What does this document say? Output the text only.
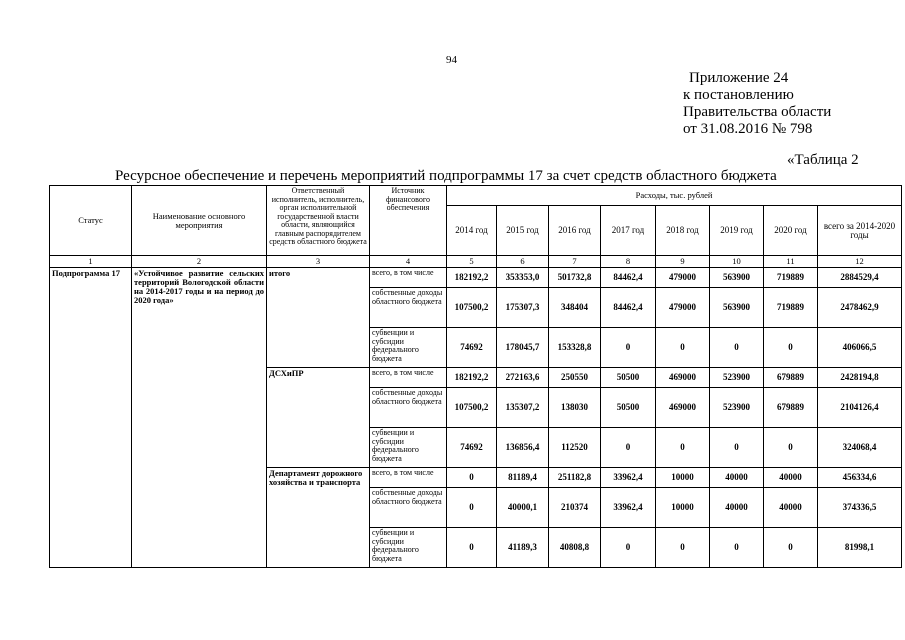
94
Приложение 24
к постановлению
Правительства области
от 31.08.2016 № 798
«Таблица 2
Ресурсное обеспечение и перечень мероприятий подпрограммы 17 за счет средств областного бюджета
Статус	Наименование основного мероприятия	Ответственный исполнитель, исполнитель, орган исполнительной государственной власти области, являющийся главным распорядителем средств областного бюджета	Источник финансового обеспечения	Расходы, тыс. рублей							
				2014 год	2015 год	2016 год	2017 год	2018 год	2019 год	2020 год	всего за 2014-2020 годы
1	2	3	4	5	6	7	8	9	10	11	12
Подпрограмма 17	«Устойчивое развитие сельских территорий Вологодской области на 2014-2017 годы и на период до 2020 года»	итого	всего, в том числе	182192,2	353353,0	501732,8	84462,4	479000	563900	719889	2884529,4
			собственные доходы областного бюджета	107500,2	175307,3	348404	84462,4	479000	563900	719889	2478462,9
			субвенции и субсидии федерального бюджета	74692	178045,7	153328,8	0	0	0	0	406066,5
		ДСХиПР	всего, в том числе	182192,2	272163,6	250550	50500	469000	523900	679889	2428194,8
			собственные доходы областного бюджета	107500,2	135307,2	138030	50500	469000	523900	679889	2104126,4
			субвенции и субсидии федерального бюджета	74692	136856,4	112520	0	0	0	0	324068,4
		Департамент дорожного хозяйства и транспорта	всего, в том числе	0	81189,4	251182,8	33962,4	10000	40000	40000	456334,6
			собственные доходы областного бюджета	0	40000,1	210374	33962,4	10000	40000	40000	374336,5
			субвенции и субсидии федерального бюджета	0	41189,3	40808,8	0	0	0	0	81998,1
